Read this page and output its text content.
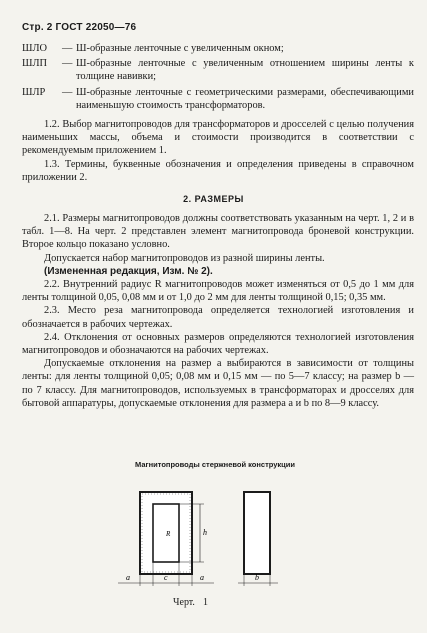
Стр. 2 ГОСТ 22050—76
ШЛО	— Ш-образные ленточные с увеличенным окном;
ШЛП	— Ш-образные ленточные с увеличенным отношением ширины ленты к толщине навивки;
ШЛР	— Ш-образные ленточные с геометрическими размерами, обеспечивающими наименьшую стоимость трансформаторов.

1.2. Выбор магнитопроводов для трансформаторов и дросселей с целью получения наименьших массы, объема и стоимости производится в соответствии с рекомендуемым приложением 1.

1.3. Термины, буквенные обозначения и определения приведены в справочном приложении 2.

2. РАЗМЕРЫ

2.1. Размеры магнитопроводов должны соответствовать указанным на черт. 1, 2 и в табл. 1—8. На черт. 2 представлен элемент магнитопровода броневой конструкции. Второе кольцо показано условно.

Допускается набор магнитопроводов из разной ширины ленты.

(Измененная редакция, Изм. № 2).

2.2. Внутренний радиус R магнитопроводов может изменяться от 0,5 до 1 мм для ленты толщиной 0,05, 0,08 мм и от 1,0 до 2 мм для ленты толщиной 0,15; 0,35 мм.

2.3. Место реза магнитопровода определяется технологией изготовления и обозначается в рабочих чертежах.

2.4. Отклонения от основных размеров определяются технологией изготовления магнитопроводов и обозначаются на рабочих чертежах.

Допускаемые отклонения на размер a выбираются в зависимости от толщины ленты: для ленты толщиной 0,05; 0,08 мм и 0,15 мм — по 5—7 классу; на размер b — по 7 классу. Для магнитопроводов, используемых в трансформаторах и дросселях для бытовой аппаратуры, допускаемые отклонения для размера a и b по 8—9 классу.

Магнитопроводы стержневой конструкции
R	h
a	c	a	b
Черт. 1
